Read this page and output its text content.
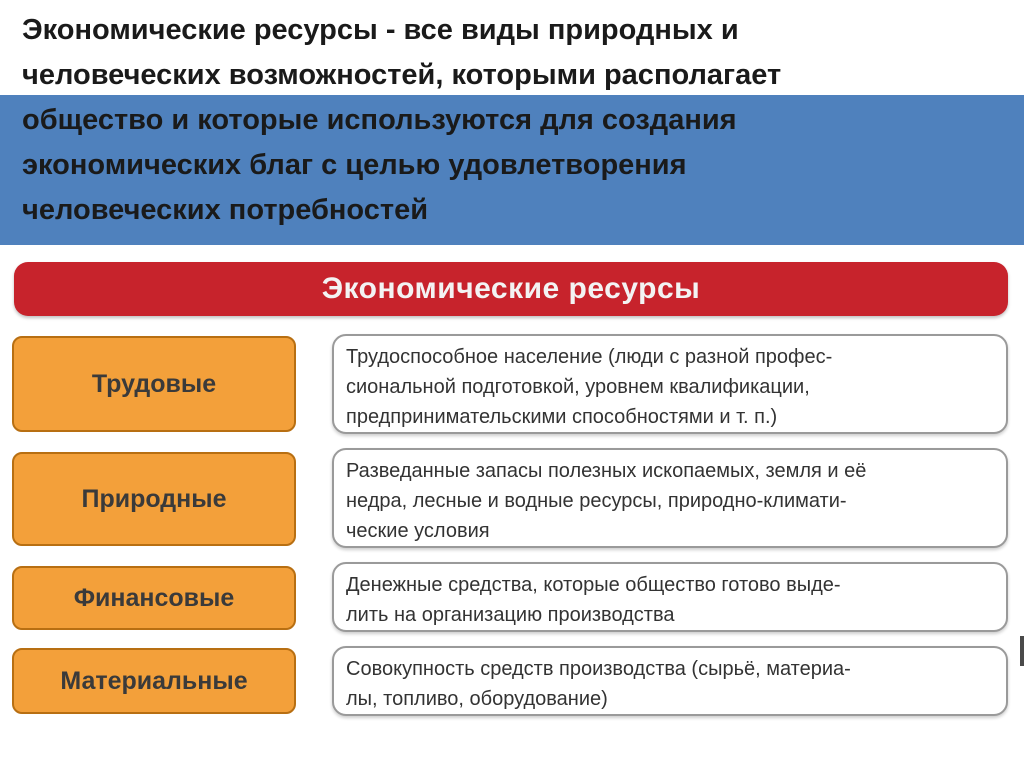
Экономические ресурсы - все виды природных и
человеческих возможностей, которыми располагает
общество и которые используются для создания
экономических благ с целью удовлетворения
человеческих потребностей
Экономические ресурсы
Трудовые
Трудоспособное население (люди с разной профес-
сиональной подготовкой, уровнем квалификации,
предпринимательскими способностями и т. п.)
Природные
Разведанные запасы полезных ископаемых, земля и её
недра, лесные и водные ресурсы, природно-климати-
ческие условия
Финансовые	Денежные средства, которые общество готово выде-
лить на организацию производства
Материальные	Совокупность средств производства (сырьё, материа-
лы, топливо, оборудование)
